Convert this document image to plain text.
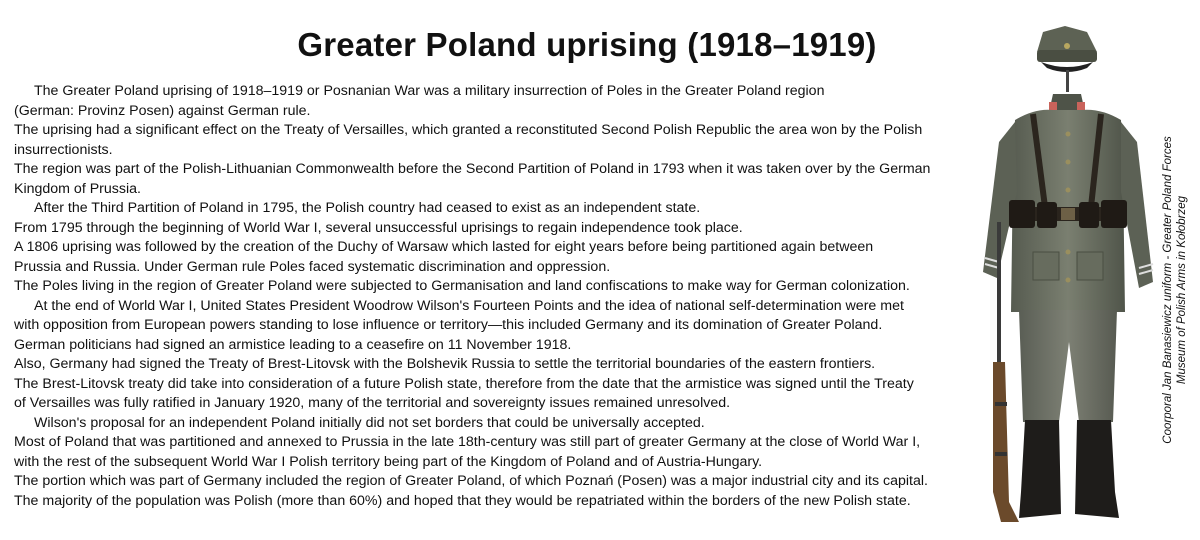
Greater Poland uprising (1918–1919)
The Greater Poland uprising of 1918–1919 or Posnanian War was a military insurrection of Poles in the Greater Poland region
(German: Provinz Posen) against German rule.
The uprising had a significant effect on the Treaty of Versailles, which granted a reconstituted Second Polish Republic the area won by the Polish
insurrectionists.
The region was part of the Polish-Lithuanian Commonwealth before the Second Partition of Poland in 1793 when it was taken over by the German
Kingdom of Prussia.
After the Third Partition of Poland in 1795, the Polish country had ceased to exist as an independent state.
From 1795 through the beginning of World War I, several unsuccessful uprisings to regain independence took place.
A 1806 uprising was followed by the creation of the Duchy of Warsaw which lasted for eight years before being partitioned again between
Prussia and Russia. Under German rule Poles faced systematic discrimination and oppression.
The Poles living in the region of Greater Poland were subjected to Germanisation and land confiscations to make way for German colonization.
At the end of World War I, United States President Woodrow Wilson's Fourteen Points and the idea of national self-determination were met
with opposition from European powers standing to lose influence or territory—this included Germany and its domination of Greater Poland.
German politicians had signed an armistice leading to a ceasefire on 11 November 1918.
Also, Germany had signed the Treaty of Brest-Litovsk with the Bolshevik Russia to settle the territorial boundaries of the eastern frontiers.
The Brest-Litovsk treaty did take into consideration of a future Polish state, therefore from the date that the armistice was signed until the Treaty
of Versailles was fully ratified in January 1920, many of the territorial and sovereignty issues remained unresolved.
Wilson's proposal for an independent Poland initially did not set borders that could be universally accepted.
Most of Poland that was partitioned and annexed to Prussia in the late 18th-century was still part of greater Germany at the close of World War I,
with the rest of the subsequent World War I Polish territory being part of the Kingdom of Poland and of Austria-Hungary.
The portion which was part of Germany included the region of Greater Poland, of which Poznań (Posen) was a major industrial city and its capital.
The majority of the population was Polish (more than 60%) and hoped that they would be repatriated within the borders of the new Polish state.
Coorporal Jan Banasiewicz uniform - Greater Poland Forces Museum of Polish Arms in Kołobrzeg
